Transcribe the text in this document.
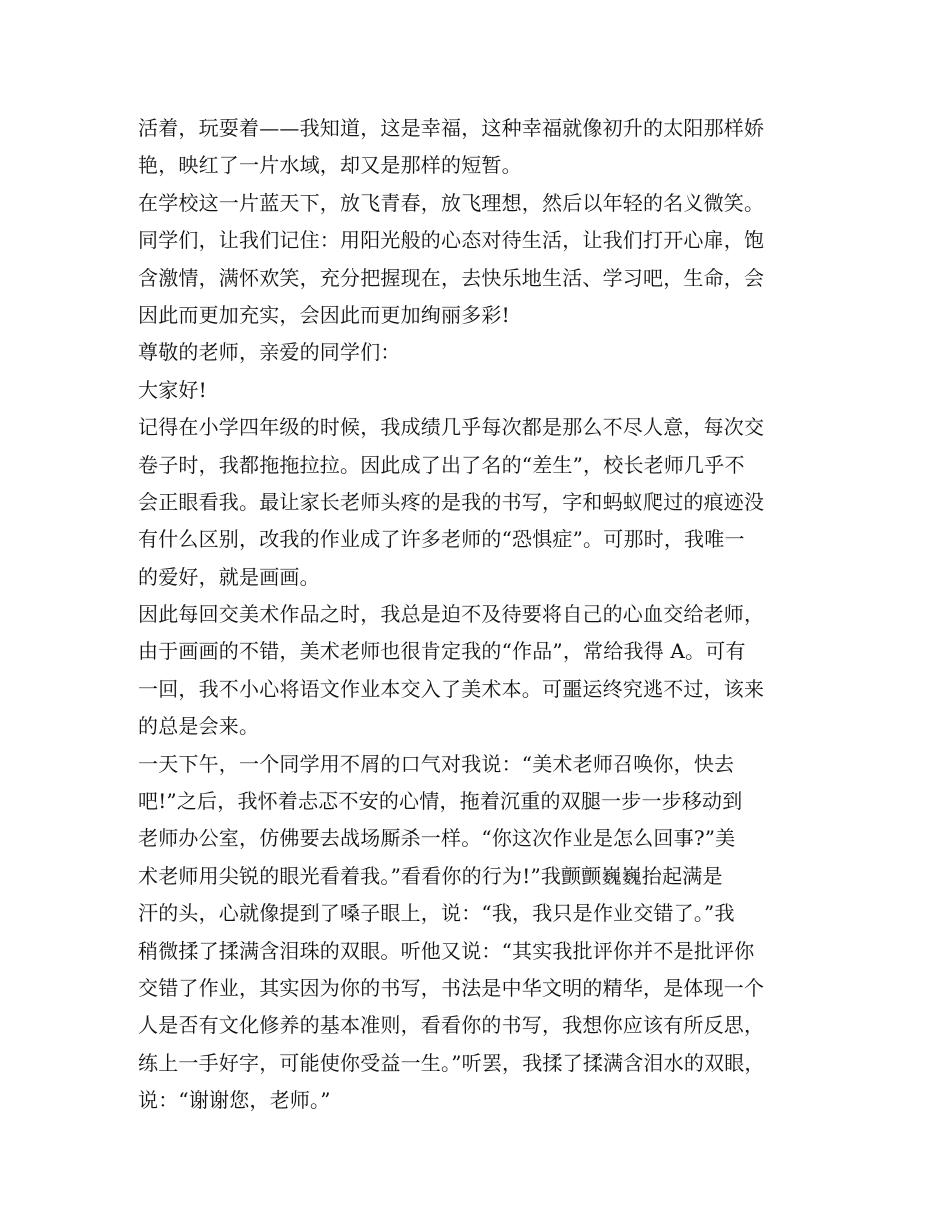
活着，玩耍着——我知道，这是幸福，这种幸福就像初升的太阳那样娇
艳，映红了一片水域，却又是那样的短暂。
在学校这一片蓝天下，放飞青春，放飞理想，然后以年轻的名义微笑。
同学们，让我们记住：用阳光般的心态对待生活，让我们打开心扉，饱
含激情，满怀欢笑，充分把握现在，去快乐地生活、学习吧，生命，会
因此而更加充实，会因此而更加绚丽多彩!
尊敬的老师，亲爱的同学们：
大家好!
记得在小学四年级的时候，我成绩几乎每次都是那么不尽人意，每次交
卷子时，我都拖拖拉拉。因此成了出了名的“差生”，校长老师几乎不
会正眼看我。最让家长老师头疼的是我的书写，字和蚂蚁爬过的痕迹没
有什么区别，改我的作业成了许多老师的“恐惧症”。可那时，我唯一
的爱好，就是画画。
因此每回交美术作品之时，我总是迫不及待要将自己的心血交给老师，
由于画画的不错，美术老师也很肯定我的“作品”，常给我得 A。可有
一回，我不小心将语文作业本交入了美术本。可噩运终究逃不过，该来
的总是会来。
一天下午，一个同学用不屑的口气对我说：“美术老师召唤你，快去
吧!”之后，我怀着忐忑不安的心情，拖着沉重的双腿一步一步移动到
老师办公室，仿佛要去战场厮杀一样。“你这次作业是怎么回事?”美
术老师用尖锐的眼光看着我。”看看你的行为!”我颤颤巍巍抬起满是
汗的头，心就像提到了嗓子眼上，说：“我，我只是作业交错了。”我
稍微揉了揉满含泪珠的双眼。听他又说：“其实我批评你并不是批评你
交错了作业，其实因为你的书写，书法是中华文明的精华，是体现一个
人是否有文化修养的基本准则，看看你的书写，我想你应该有所反思，
练上一手好字，可能使你受益一生。”听罢，我揉了揉满含泪水的双眼，
说：“谢谢您，老师。”
